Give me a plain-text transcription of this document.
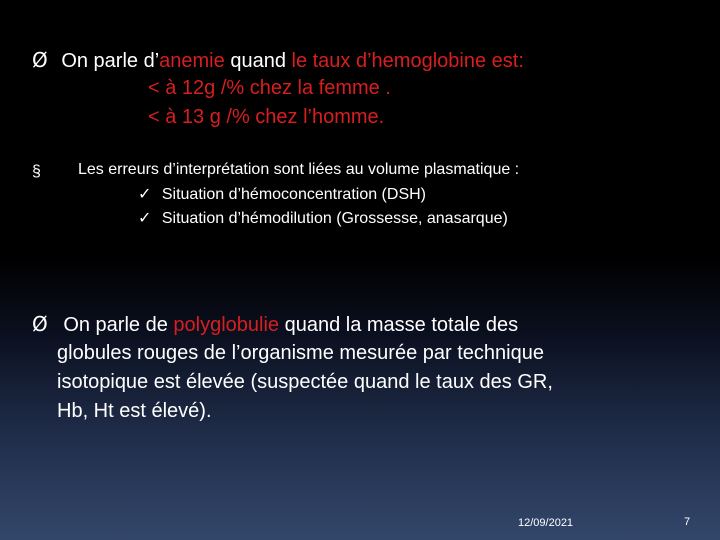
Ø On parle d’anemie quand le taux d’hemoglobine est:
< à 12g /% chez la femme .
< à 13 g /% chez l’homme.
§ Les erreurs d’interprétation sont liées au volume plasmatique :
✓ Situation d’hémoconcentration (DSH)
✓ Situation d’hémodilution (Grossesse, anasarque)
Ø On parle de polyglobulie quand la masse totale des
globules rouges de l’organisme mesurée par technique
isotopique est élevée (suspectée quand le taux des GR,
Hb, Ht est élevé).
12/09/2021	7
